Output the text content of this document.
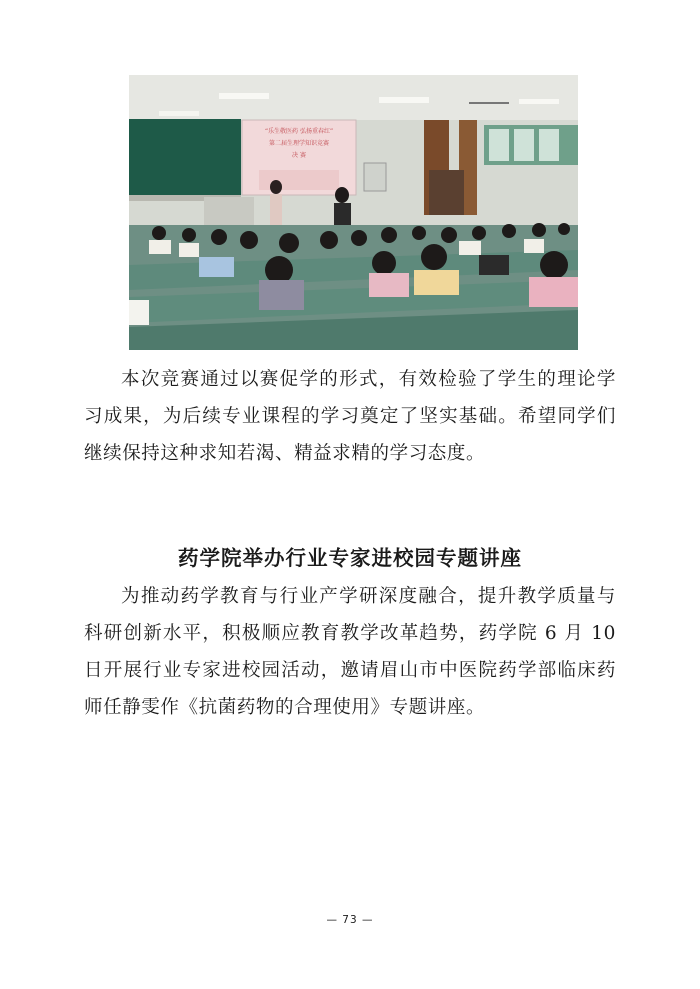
“乐生敬医药 弘扬重春红”
第二届生理学知识竞赛
决 赛

本次竞赛通过以赛促学的形式，有效检验了学生的理论学习成果，为后续专业课程的学习奠定了坚实基础。希望同学们继续保持这种求知若渴、精益求精的学习态度。

药学院举办行业专家进校园专题讲座

为推动药学教育与行业产学研深度融合，提升教学质量与科研创新水平，积极顺应教育教学改革趋势，药学院 6 月 10 日开展行业专家进校园活动，邀请眉山市中医院药学部临床药师任静雯作《抗菌药物的合理使用》专题讲座。

— 73 —
